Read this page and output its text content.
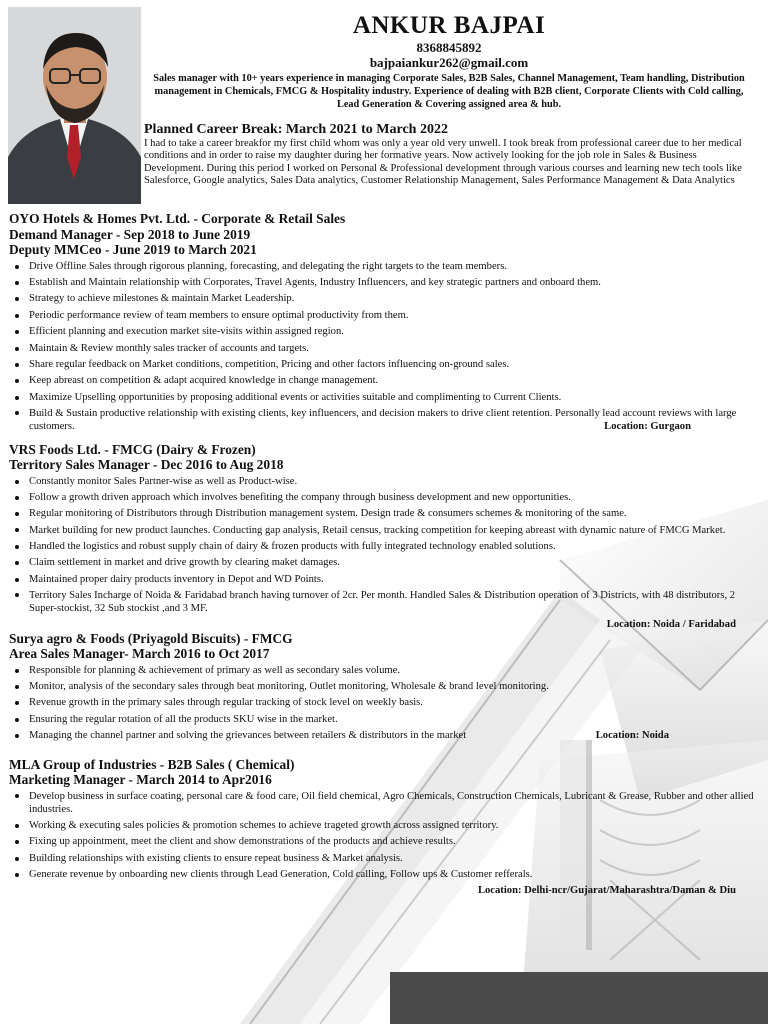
ANKUR BAJPAI
8368845892
bajpaiankur262@gmail.com
Sales manager with 10+ years experience in managing Corporate Sales, B2B Sales, Channel Management, Team handling, Distribution management in Chemicals, FMCG & Hospitality industry. Experience of dealing with B2B client, Corporate Clients with Cold calling, Lead Generation & Covering assigned area & hub.
Planned Career Break: March 2021 to March 2022
I had to take a career breakfor my first child whom was only a year old very unwell. I took break from professional career due to her medical conditions and in order to raise my daughter during her formative years. Now actively looking for the job role in Sales & Business Development. During this period I worked on Personal & Professional development through various courses and learning new tech tools like Salesforce, Google analytics, Sales Data analytics, Customer Relationship Management, Sales Performance Management & Data Analytics
OYO Hotels & Homes Pvt. Ltd. - Corporate & Retail Sales
Demand Manager - Sep 2018 to June 2019
Deputy MMCeo - June 2019 to March 2021
Drive Offline Sales through rigorous planning, forecasting, and delegating the right targets to the team members.
Establish and Maintain relationship with Corporates, Travel Agents, Industry Influencers, and key strategic partners and onboard them.
Strategy to achieve milestones & maintain Market Leadership.
Periodic performance review of team members to ensure optimal productivity from them.
Efficient planning and execution market site-visits within assigned region.
Maintain & Review monthly sales tracker of accounts and targets.
Share regular feedback on Market conditions, competition, Pricing and other factors influencing on-ground sales.
Keep abreast on competition & adapt acquired knowledge in change management.
Maximize Upselling opportunities by proposing additional events or activities suitable and complimenting to Current Clients.
Build & Sustain productive relationship with existing clients, key influencers, and decision makers to drive client retention. Personally lead account reviews with large customers.	Location: Gurgaon
VRS Foods Ltd. - FMCG (Dairy & Frozen)
Territory Sales Manager - Dec 2016 to Aug 2018
Constantly monitor Sales Partner-wise as well as Product-wise.
Follow a growth driven approach which involves benefiting the company through business development and new opportunities.
Regular monitoring of Distributors through Distribution management system. Design trade & consumers schemes & monitoring of the same.
Market building for new product launches. Conducting gap analysis, Retail census, tracking competition for keeping abreast with dynamic nature of FMCG Market.
Handled the logistics and robust supply chain of dairy & frozen products with fully integrated technology enabled solutions.
Claim settlement in market and drive growth by clearing maket damages.
Maintained proper dairy products inventory in Depot and WD Points.
Territory Sales Incharge of Noida & Faridabad branch having turnover of 2cr. Per month. Handled Sales & Distribution operation of 3 Districts, with 48 distributors, 2 Super-stockist, 32 Sub stockist ,and 3 MF.
Location: Noida / Faridabad
Surya agro & Foods (Priyagold Biscuits) - FMCG
Area Sales Manager- March 2016 to Oct 2017
Responsible for planning & achievement of primary as well as secondary sales volume.
Monitor, analysis of the secondary sales through beat monitoring, Outlet monitoring, Wholesale & brand level monitoring.
Revenue growth in the primary sales through regular tracking of stock level on weekly basis.
Ensuring the regular rotation of all the products SKU wise in the market.
Managing the channel partner and solving the grievances between retailers & distributors in the market	Location: Noida
MLA Group of Industries - B2B Sales ( Chemical)
Marketing Manager - March 2014 to Apr2016
Develop business in surface coating, personal care & food care, Oil field chemical, Agro Chemicals, Construction Chemicals, Lubricant & Grease, Rubber and other allied industries.
Working & executing sales policies & promotion schemes to achieve trageted growth across assigned territory.
Fixing up appointment, meet the client and show demonstrations of the products and achieve results.
Building relationships with existing clients to ensure repeat business & Market analysis.
Generate revenue by onboarding new clients through Lead Generation, Cold calling, Follow ups & Customer refferals.
Location: Delhi-ncr/Gujarat/Maharashtra/Daman & Diu
